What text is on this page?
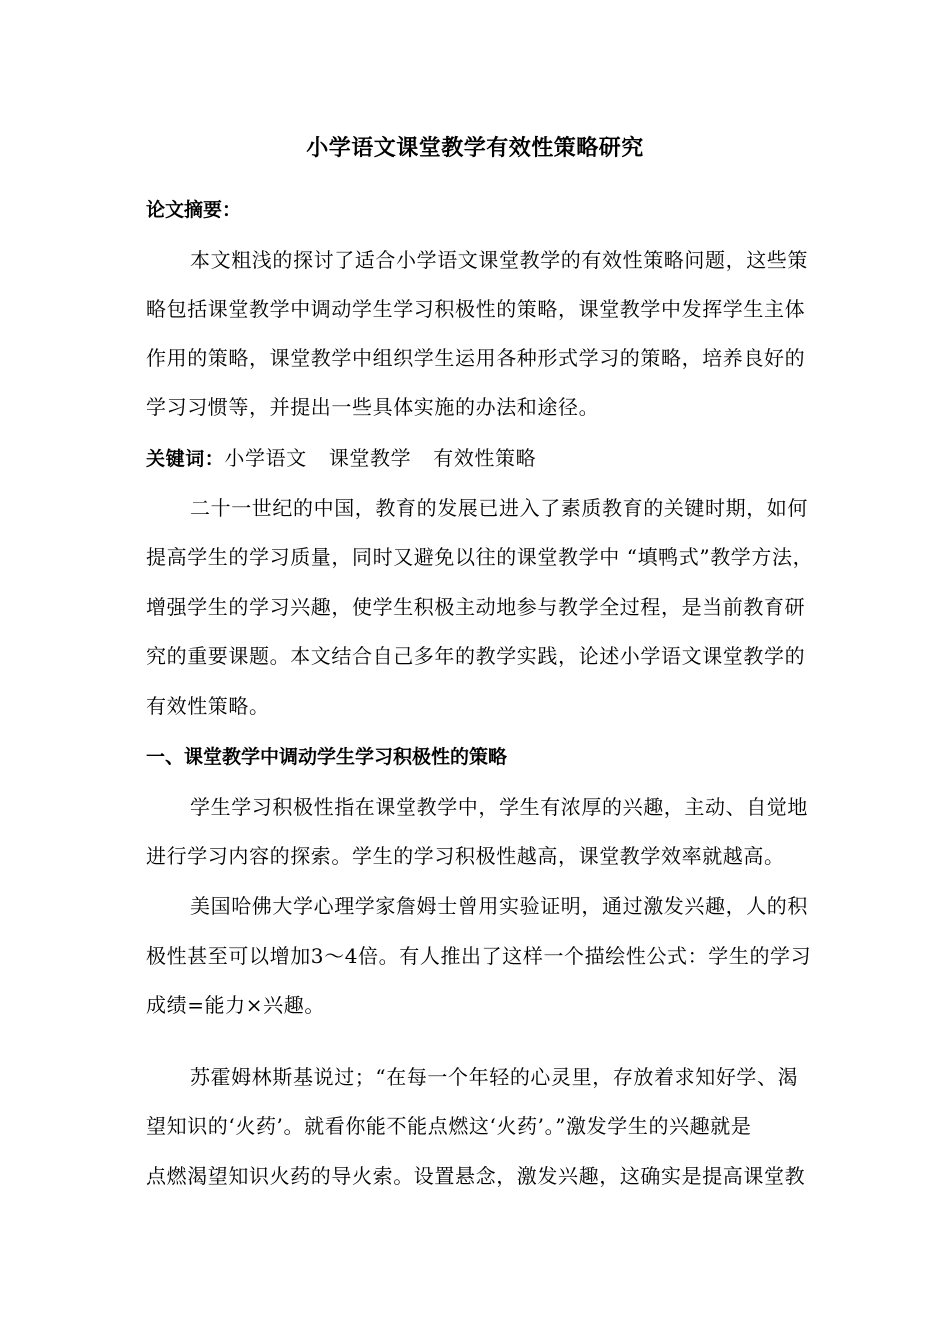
小学语文课堂教学有效性策略研究
论文摘要：
本文粗浅的探讨了适合小学语文课堂教学的有效性策略问题，这些策
略包括课堂教学中调动学生学习积极性的策略，课堂教学中发挥学生主体
作用的策略，课堂教学中组织学生运用各种形式学习的策略，培养良好的
学习习惯等，并提出一些具体实施的办法和途径。
关键词：小学语文 课堂教学 有效性策略
二十一世纪的中国，教育的发展已进入了素质教育的关键时期，如何
提高学生的学习质量，同时又避免以往的课堂教学中 “填鸭式”教学方法，
增强学生的学习兴趣，使学生积极主动地参与教学全过程，是当前教育研
究的重要课题。本文结合自己多年的教学实践，论述小学语文课堂教学的
有效性策略。
一、课堂教学中调动学生学习积极性的策略
学生学习积极性指在课堂教学中，学生有浓厚的兴趣，主动、自觉地
进行学习内容的探索。学生的学习积极性越高，课堂教学效率就越高。
美国哈佛大学心理学家詹姆士曾用实验证明，通过激发兴趣，人的积
极性甚至可以增加3～4倍。有人推出了这样一个描绘性公式：学生的学习
成绩=能力×兴趣。
苏霍姆林斯基说过；“在每一个年轻的心灵里，存放着求知好学、渴
望知识的‘火药’。就看你能不能点燃这‘火药’。”激发学生的兴趣就是
点燃渴望知识火药的导火索。设置悬念，激发兴趣，这确实是提高课堂教
